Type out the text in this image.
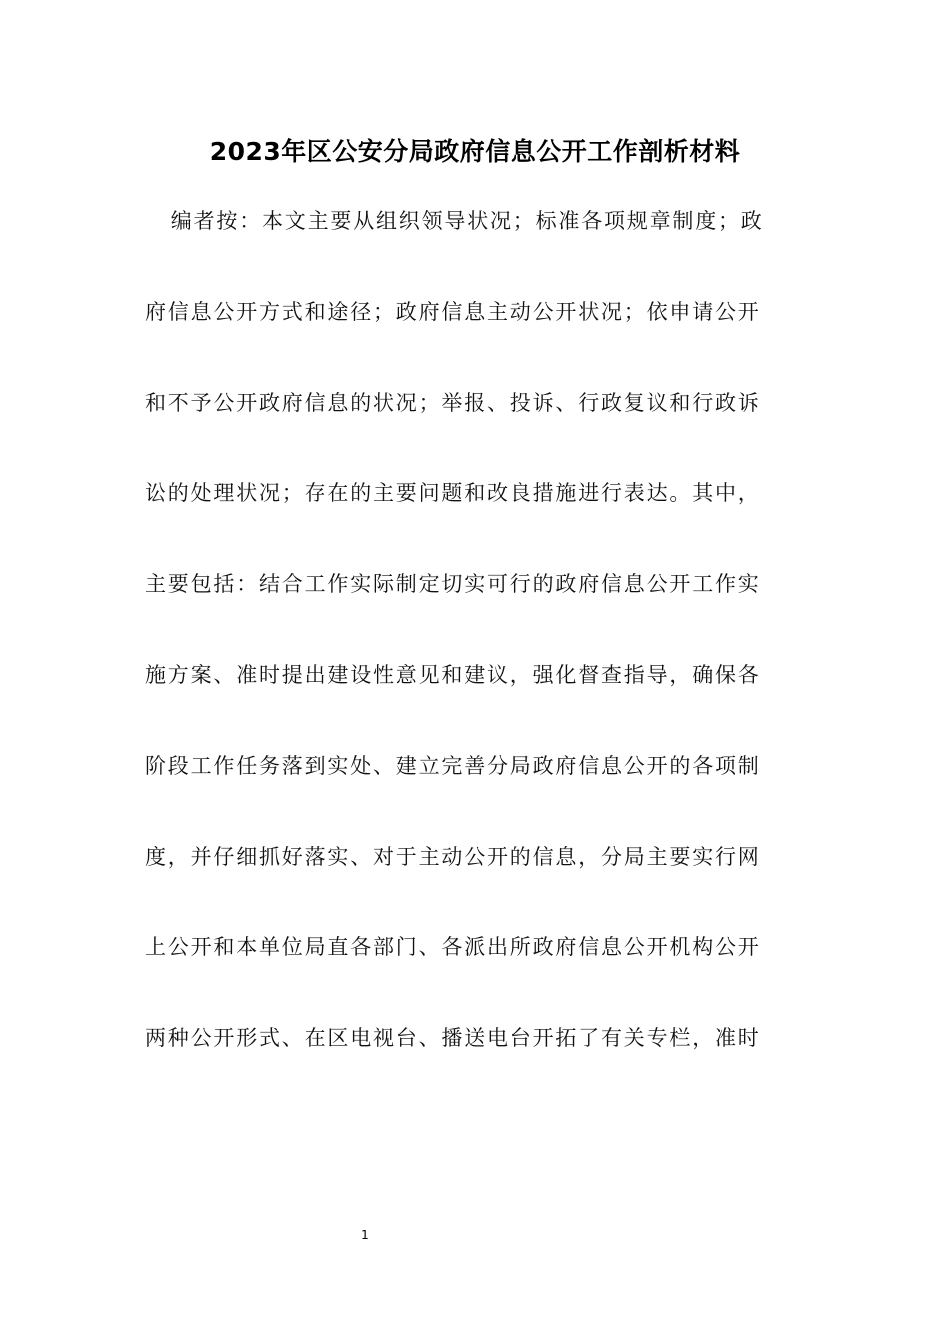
2023年区公安分局政府信息公开工作剖析材料
　编者按：本文主要从组织领导状况；标准各项规章制度；政
府信息公开方式和途径；政府信息主动公开状况；依申请公开
和不予公开政府信息的状况；举报、投诉、行政复议和行政诉
讼的处理状况；存在的主要问题和改良措施进行表达。其中，
主要包括：结合工作实际制定切实可行的政府信息公开工作实
施方案、准时提出建设性意见和建议，强化督查指导，确保各
阶段工作任务落到实处、建立完善分局政府信息公开的各项制
度，并仔细抓好落实、对于主动公开的信息，分局主要实行网
上公开和本单位局直各部门、各派出所政府信息公开机构公开
两种公开形式、在区电视台、播送电台开拓了有关专栏，准时
1
